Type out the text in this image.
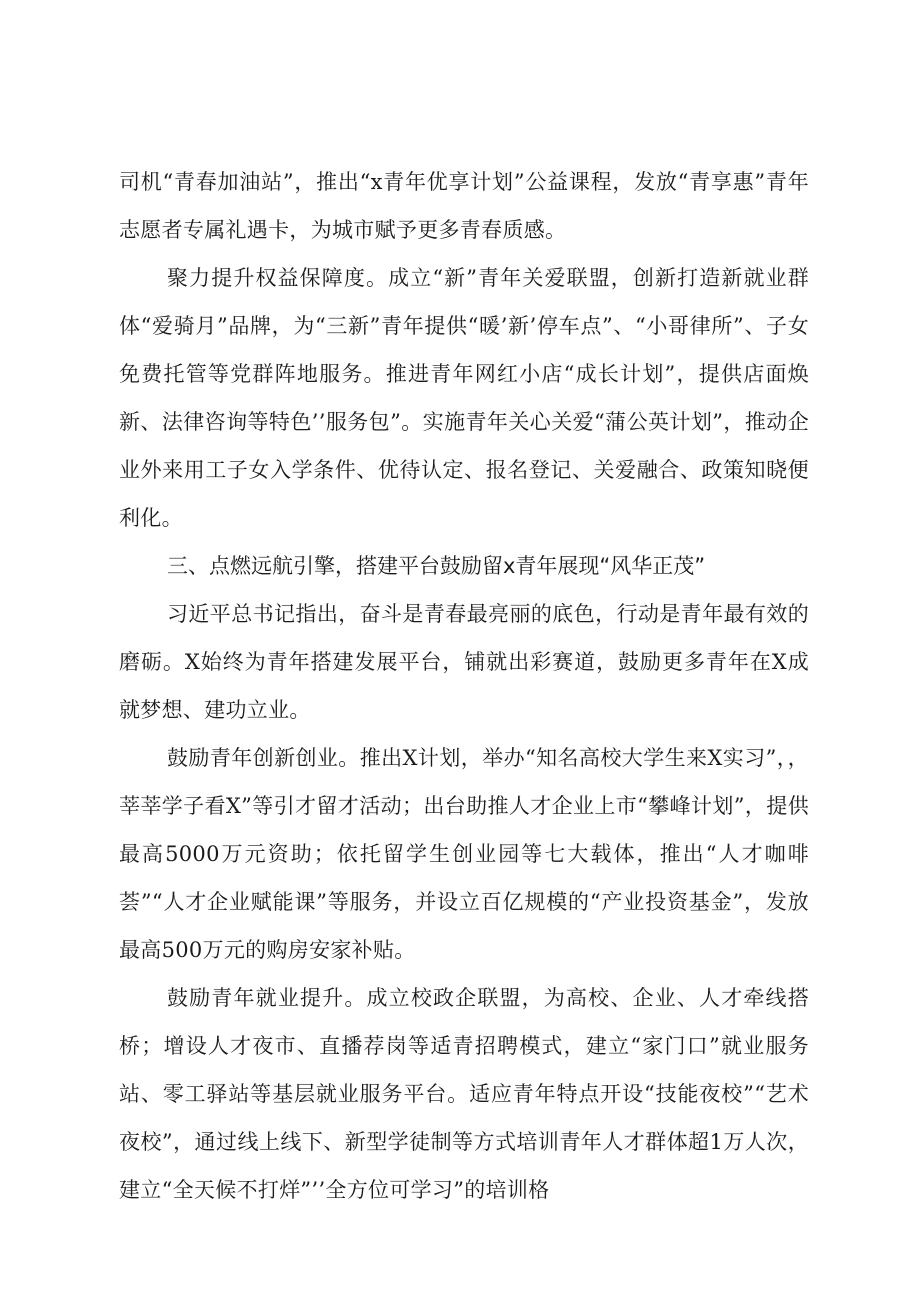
司机“青春加油站”，推出“x青年优享计划”公益课程，发放“青享惠”青年志愿者专属礼遇卡，为城市赋予更多青春质感。

聚力提升权益保障度。成立“新”青年关爱联盟，创新打造新就业群体“爱骑月”品牌，为“三新”青年提供“暖’新’停车点”、“小哥律所”、子女免费托管等党群阵地服务。推进青年网红小店“成长计划”，提供店面焕新、法律咨询等特色’’服务包”。实施青年关心关爱“蒲公英计划”，推动企业外来用工子女入学条件、优待认定、报名登记、关爱融合、政策知晓便利化。

三、点燃远航引擎，搭建平台鼓励留x青年展现“风华正茂”

习近平总书记指出，奋斗是青春最亮丽的底色，行动是青年最有效的磨砺。X始终为青年搭建发展平台，铺就出彩赛道，鼓励更多青年在X成就梦想、建功立业。

鼓励青年创新创业。推出X计划，举办“知名高校大学生来X实习”，，莘莘学子看X”等引才留才活动；出台助推人才企业上市“攀峰计划”，提供最高5000万元资助；依托留学生创业园等七大载体，推出“人才咖啡荟”“人才企业赋能课”等服务，并设立百亿规模的“产业投资基金”，发放最高500万元的购房安家补贴。

鼓励青年就业提升。成立校政企联盟，为高校、企业、人才牵线搭桥；增设人才夜市、直播荐岗等适青招聘模式，建立“家门口”就业服务站、零工驿站等基层就业服务平台。适应青年特点开设“技能夜校”“艺术夜校”，通过线上线下、新型学徒制等方式培训青年人才群体超1万人次，建立“全天候不打烊”’’全方位可学习”的培训格
